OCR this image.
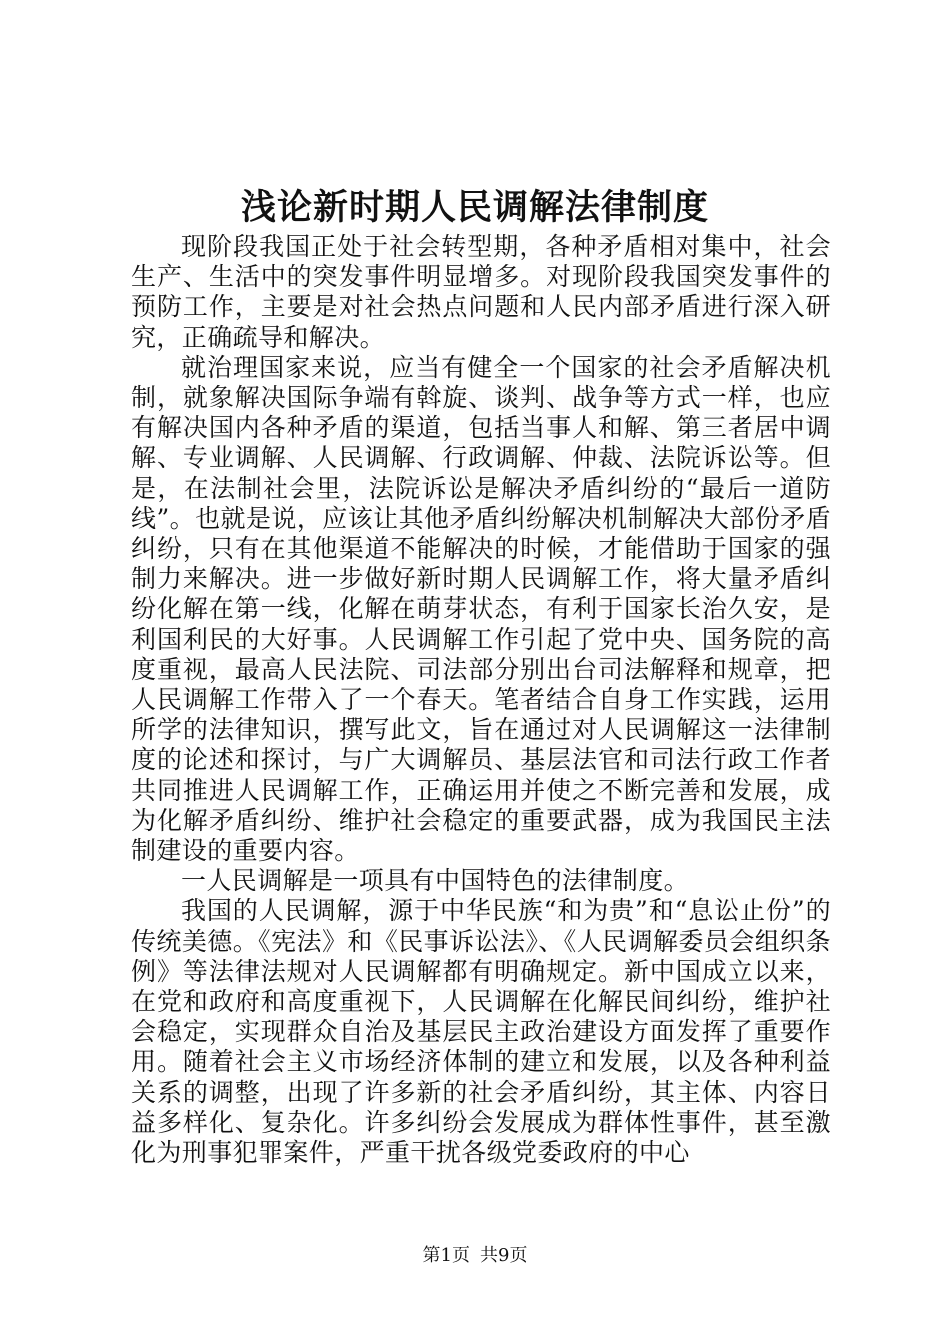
浅论新时期人民调解法律制度

现阶段我国正处于社会转型期，各种矛盾相对集中，社会生产、生活中的突发事件明显增多。对现阶段我国突发事件的预防工作，主要是对社会热点问题和人民内部矛盾进行深入研究，正确疏导和解决。

就治理国家来说，应当有健全一个国家的社会矛盾解决机制，就象解决国际争端有斡旋、谈判、战争等方式一样，也应有解决国内各种矛盾的渠道，包括当事人和解、第三者居中调解、专业调解、人民调解、行政调解、仲裁、法院诉讼等。但是，在法制社会里，法院诉讼是解决矛盾纠纷的“最后一道防线”。也就是说，应该让其他矛盾纠纷解决机制解决大部份矛盾纠纷，只有在其他渠道不能解决的时候，才能借助于国家的强制力来解决。进一步做好新时期人民调解工作，将大量矛盾纠纷化解在第一线，化解在萌芽状态，有利于国家长治久安，是利国利民的大好事。人民调解工作引起了党中央、国务院的高度重视，最高人民法院、司法部分别出台司法解释和规章，把人民调解工作带入了一个春天。笔者结合自身工作实践，运用所学的法律知识，撰写此文，旨在通过对人民调解这一法律制度的论述和探讨，与广大调解员、基层法官和司法行政工作者共同推进人民调解工作，正确运用并使之不断完善和发展，成为化解矛盾纠纷、维护社会稳定的重要武器，成为我国民主法制建设的重要内容。

一人民调解是一项具有中国特色的法律制度。

我国的人民调解，源于中华民族“和为贵”和“息讼止份”的传统美德。《宪法》和《民事诉讼法》、《人民调解委员会组织条例》等法律法规对人民调解都有明确规定。新中国成立以来，在党和政府和高度重视下，人民调解在化解民间纠纷，维护社会稳定，实现群众自治及基层民主政治建设方面发挥了重要作用。随着社会主义市场经济体制的建立和发展，以及各种利益关系的调整，出现了许多新的社会矛盾纠纷，其主体、内容日益多样化、复杂化。许多纠纷会发展成为群体性事件，甚至激化为刑事犯罪案件，严重干扰各级党委政府的中心

第1页 共9页
